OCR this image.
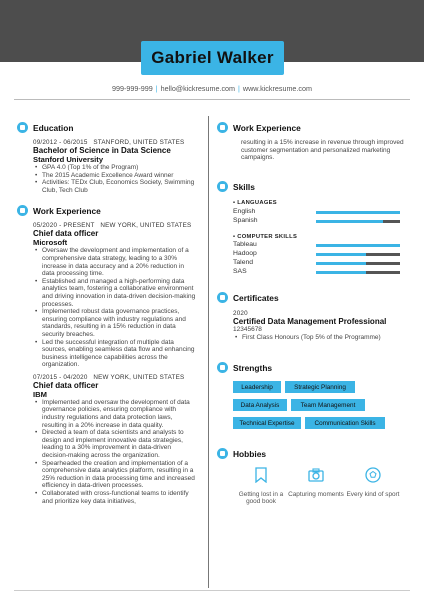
Gabriel Walker
999-999-999 | hello@kickresume.com | www.kickresume.com
Education
09/2012 - 06/2015 STANFORD, UNITED STATES
Bachelor of Science in Data Science
Stanford University
• GPA 4.0 (Top 1% of the Program)
• The 2015 Academic Excellence Award winner
• Activities: TEDx Club, Economics Society, Swimming Club, Tech Club
Work Experience
05/2020 - PRESENT NEW YORK, UNITED STATES
Chief data officer
Microsoft
• Oversaw the development and implementation of a comprehensive data strategy, leading to a 30% increase in data accuracy and a 20% reduction in data processing time.
• Established and managed a high-performing data analytics team, fostering a collaborative environment and driving innovation in data-driven decision-making processes.
• Implemented robust data governance practices, ensuring compliance with industry regulations and standards, resulting in a 15% reduction in data security breaches.
• Led the successful integration of multiple data sources, enabling seamless data flow and enhancing business intelligence capabilities across the organization.
07/2015 - 04/2020 NEW YORK, UNITED STATES
Chief data officer
IBM
• Implemented and oversaw the development of data governance policies, ensuring compliance with industry regulations and data protection laws, resulting in a 20% increase in data quality.
• Directed a team of data scientists and analysts to design and implement innovative data strategies, leading to a 30% improvement in data-driven decision-making across the organization.
• Spearheaded the creation and implementation of a comprehensive data analytics platform, resulting in a 25% reduction in data processing time and increased efficiency in data-driven processes.
• Collaborated with cross-functional teams to identify and prioritize key data initiatives,
Work Experience
resulting in a 15% increase in revenue through improved customer segmentation and personalized marketing campaigns.
Skills
• LANGUAGES
English
Spanish
• COMPUTER SKILLS
Tableau
Hadoop
Talend
SAS
Certificates
2020
Certified Data Management Professional
12345678
• First Class Honours (Top 5% of the Programme)
Strengths
Leadership	Strategic Planning
Data Analysis	Team Management
Technical Expertise	Communication Skills
Hobbies
Getting lost in a good book
Capturing moments Every kind of sport
